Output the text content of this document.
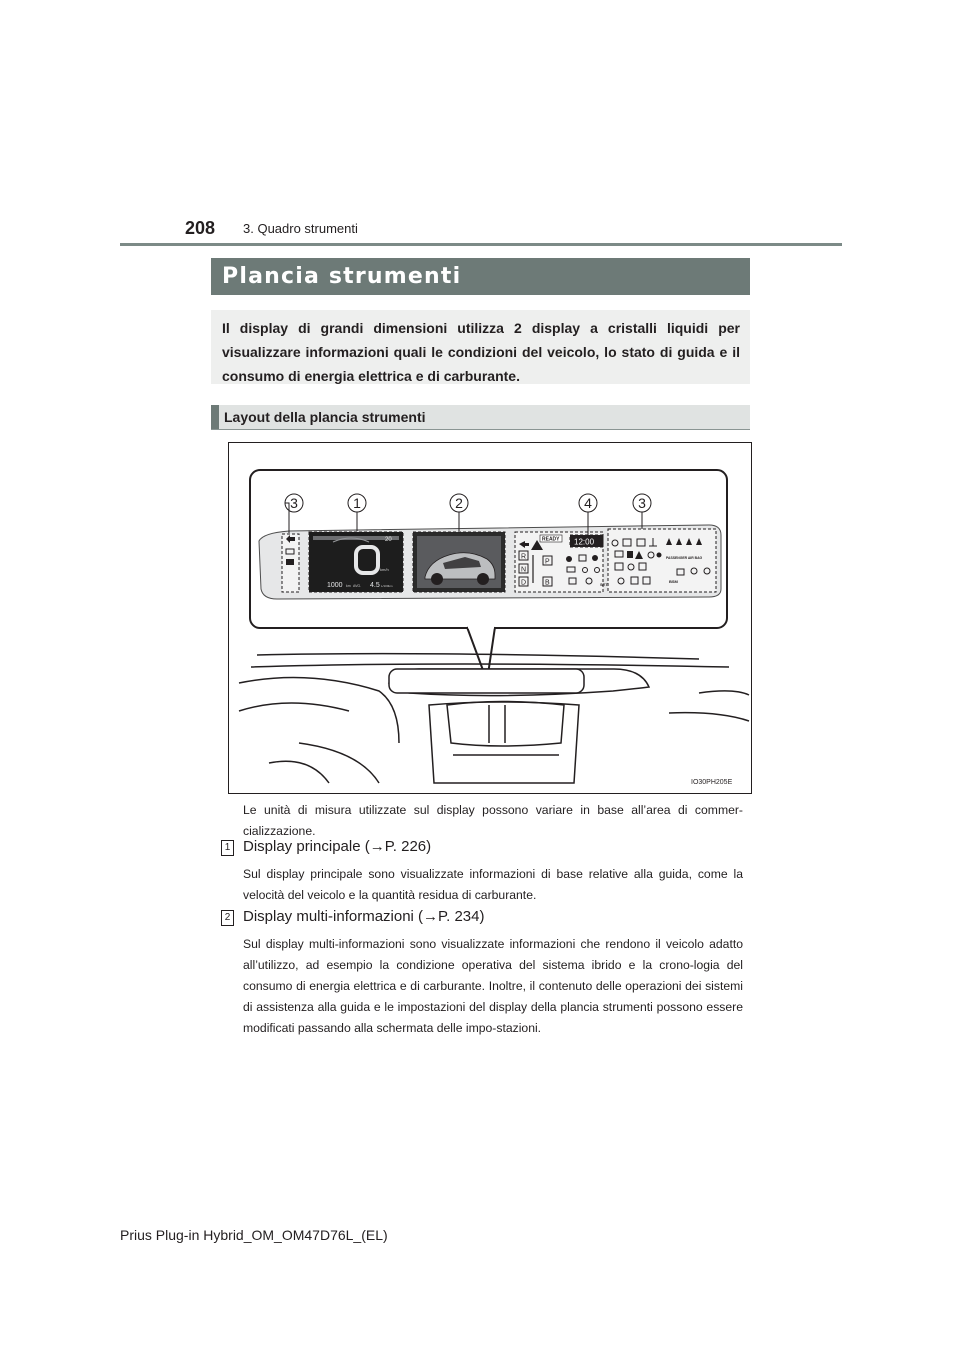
208 3. Quadro strumenti
Plancia strumenti
Il display di grandi dimensioni utilizza 2 display a cristalli liquidi per visualizzare informazioni quali le condizioni del veicolo, lo stato di guida e il consumo di energia elettrica e di carburante.
Layout della plancia strumenti
km/h
20
1000 km AVG. 4.5 L/100km
12:00
READY
R
N
D
P
B
PASSENGER AIR BAG
SET
BSM
3	1	2	4	3
IO30PH205E
Le unità di misura utilizzate sul display possono variare in base all’area di commer-cializzazione.
1 Display principale (→P. 226)
Sul display principale sono visualizzate informazioni di base relative alla guida, come la velocità del veicolo e la quantità residua di carburante.
2 Display multi-informazioni (→P. 234)
Sul display multi-informazioni sono visualizzate informazioni che rendono il veicolo adatto all’utilizzo, ad esempio la condizione operativa del sistema ibrido e la crono-logia del consumo di energia elettrica e di carburante. Inoltre, il contenuto delle operazioni dei sistemi di assistenza alla guida e le impostazioni del display della plancia strumenti possono essere modificati passando alla schermata delle impo-stazioni.
Prius Plug-in Hybrid_OM_OM47D76L_(EL)
